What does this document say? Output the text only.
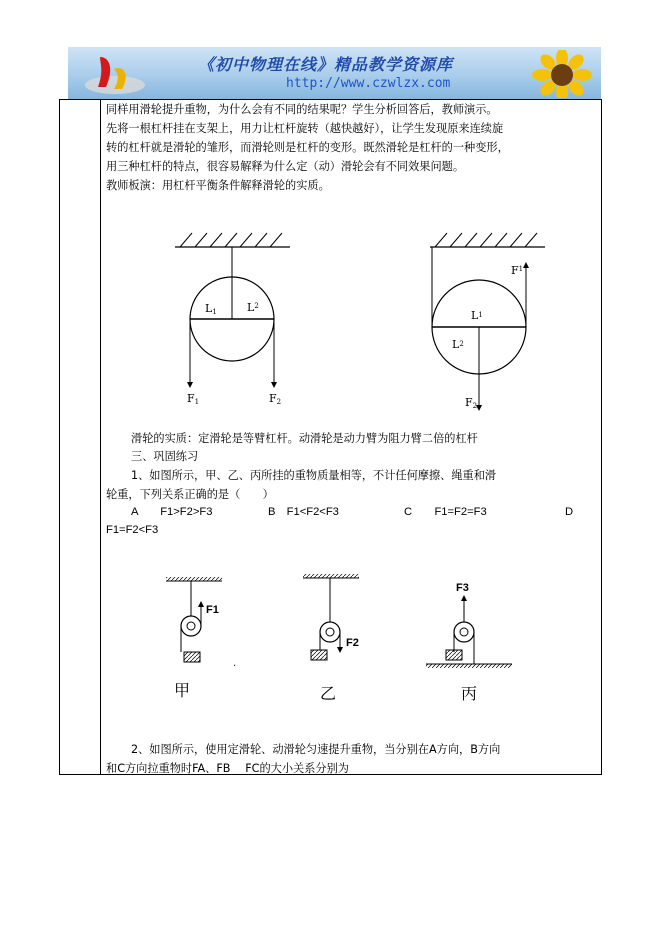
《初中物理在线》精品教学资源库
http://www.czwlzx.com
同样用滑轮提升重物，为什么会有不同的结果呢？学生分析回答后，教师演示。
先将一根杠杆挂在支架上，用力让杠杆旋转（越快越好），让学生发现原来连续旋
转的杠杆就是滑轮的雏形，而滑轮则是杠杆的变形。既然滑轮是杠杆的一种变形，
用三种杠杆的特点，很容易解释为什么定（动）滑轮会有不同效果问题。
教师板演：用杠杆平衡条件解释滑轮的实质。
L1	$L^2$
F1	F2
$F^1$
L1
L2
F2
滑轮的实质：定滑轮是等臂杠杆。动滑轮是动力臂为阻力臂二倍的杠杆
三、巩固练习
1、如图所示，甲、乙、丙所挂的重物质量相等，不计任何摩擦、绳重和滑
轮重，下列关系正确的是（　　）
A　　F1>F2>F3	B　F1<F2<F3	C　　F1=F2=F3	D
F1=F2<F3
F1
.
F2
F3
甲	乙	丙
2、如图所示，使用定滑轮、动滑轮匀速提升重物，当分别在A方向，B方向
和C方向拉重物时FA、FB　 FC的大小关系分别为
